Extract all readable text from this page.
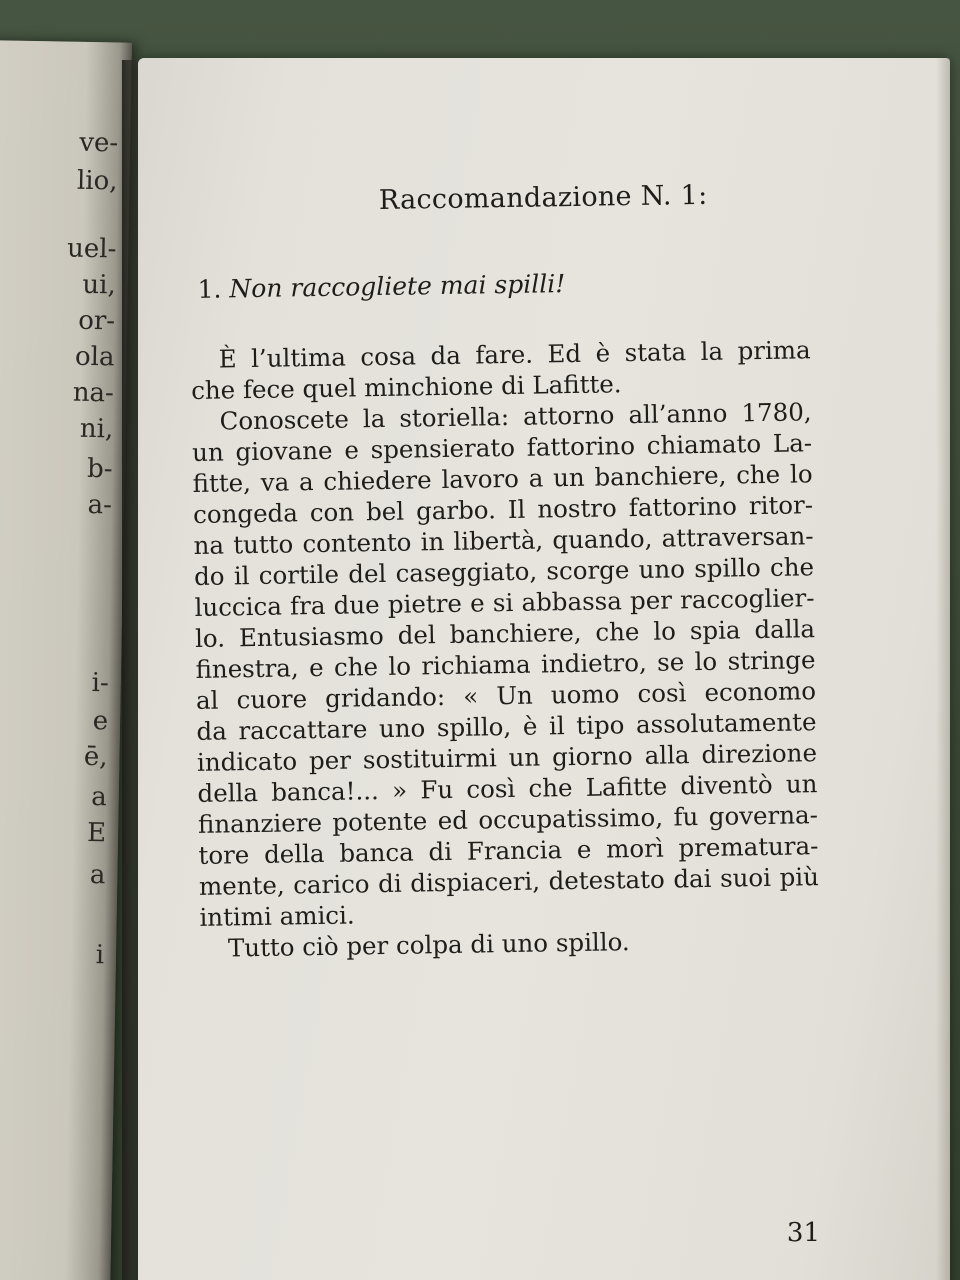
ve-
lio,
uel-
ui,
or-
ola
na-
ni,
b-
a-
i-
e
ē,
a
E
a
i
Raccomandazione N. 1:
1. Non raccogliete mai spilli!

È l’ultima cosa da fare. Ed è stata la prima
che fece quel minchione di Lafitte.

Conoscete la storiella: attorno all’anno 1780,
un giovane e spensierato fattorino chiamato La-
fitte, va a chiedere lavoro a un banchiere, che lo
congeda con bel garbo. Il nostro fattorino ritor-
na tutto contento in libertà, quando, attraversan-
do il cortile del caseggiato, scorge uno spillo che
luccica fra due pietre e si abbassa per raccoglier-
lo. Entusiasmo del banchiere, che lo spia dalla
finestra, e che lo richiama indietro, se lo stringe
al cuore gridando: « Un uomo così economo
da raccattare uno spillo, è il tipo assolutamente
indicato per sostituirmi un giorno alla direzione
della banca!... » Fu così che Lafitte diventò un
finanziere potente ed occupatissimo, fu governa-
tore della banca di Francia e morì prematura-
mente, carico di dispiaceri, detestato dai suoi più
intimi amici.

Tutto ciò per colpa di uno spillo.

31
